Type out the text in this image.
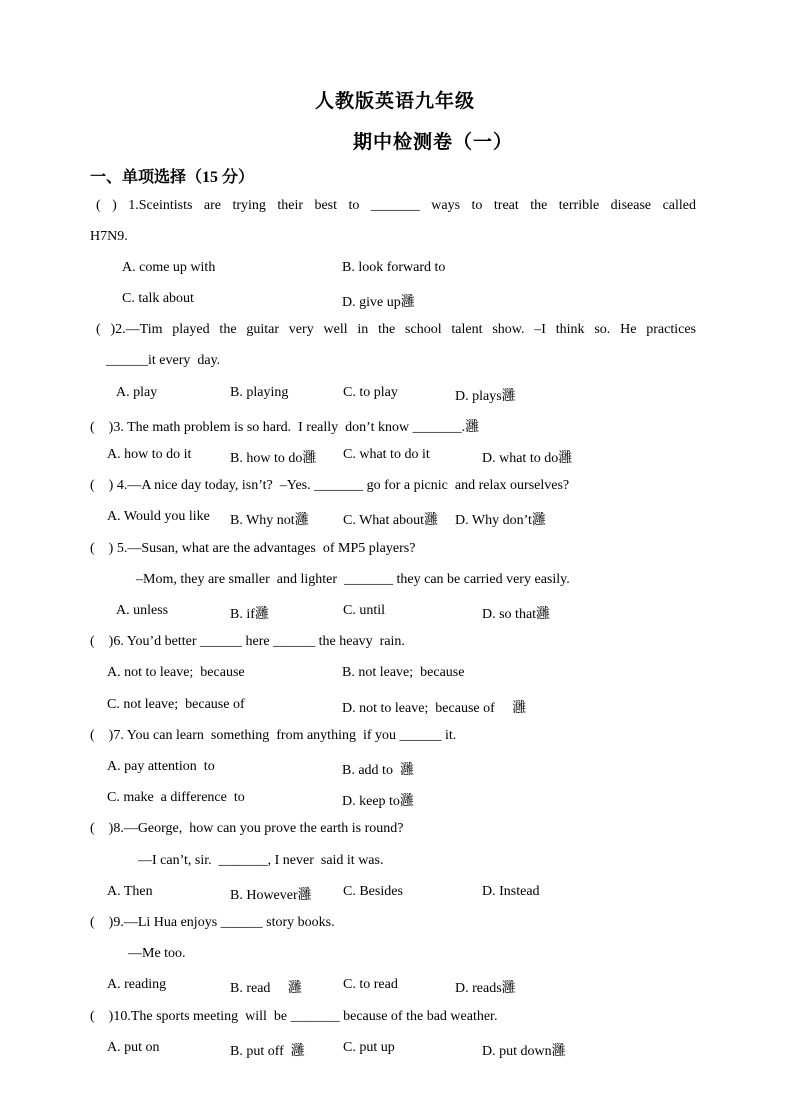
人教版英语九年级
期中检测卷（一）
一、单项选择（15 分）
( ) 1.Sceintists are trying their best to _______ ways to treat the terrible disease called
H7N9.
A. come up with	B. look forward to
C. talk about	D. give up灉
( )2.—Tim played the guitar very well in the school talent show. –I think so. He practices
______it every  day.
A. play	B. playing	C. to play	D. plays灉
(    )3. The math problem is so hard.  I really  don’t know _______.灉
A. how to do it	B. how to do灉 C. what to do it	D. what to do灉
(    ) 4.—A nice day today, isn’t?  –Yes. _______ go for a picnic  and relax ourselves?
A. Would you like B. Why not灉 C. What about灉 D. Why don’t灉
(    ) 5.—Susan, what are the advantages  of MP5 players?
–Mom, they are smaller  and lighter  _______ they can be carried very easily.
A. unless	B. if灉	C. until	D. so that灉
(    )6. You’d better ______ here ______ the heavy  rain.
A. not to leave;  because	B. not leave;  because
C. not leave;  because of	D. not to leave;  because of     灉
(    )7. You can learn  something  from anything  if you ______ it.
A. pay attention  to	B. add to  灉
C. make  a difference  to	D. keep to灉
(    )8.—George,  how can you prove the earth is round?
—I can’t, sir.  _______, I never  said it was.
A. Then	B. However灉 C. Besides	D. Instead
(    )9.—Li Hua enjoys ______ story books.
—Me too.
A. reading	B. read     灉	C. to read	D. reads灉
(    )10.The sports meeting  will  be _______ because of the bad weather.
A. put on	B. put off  灉	C. put up	D. put down灉
